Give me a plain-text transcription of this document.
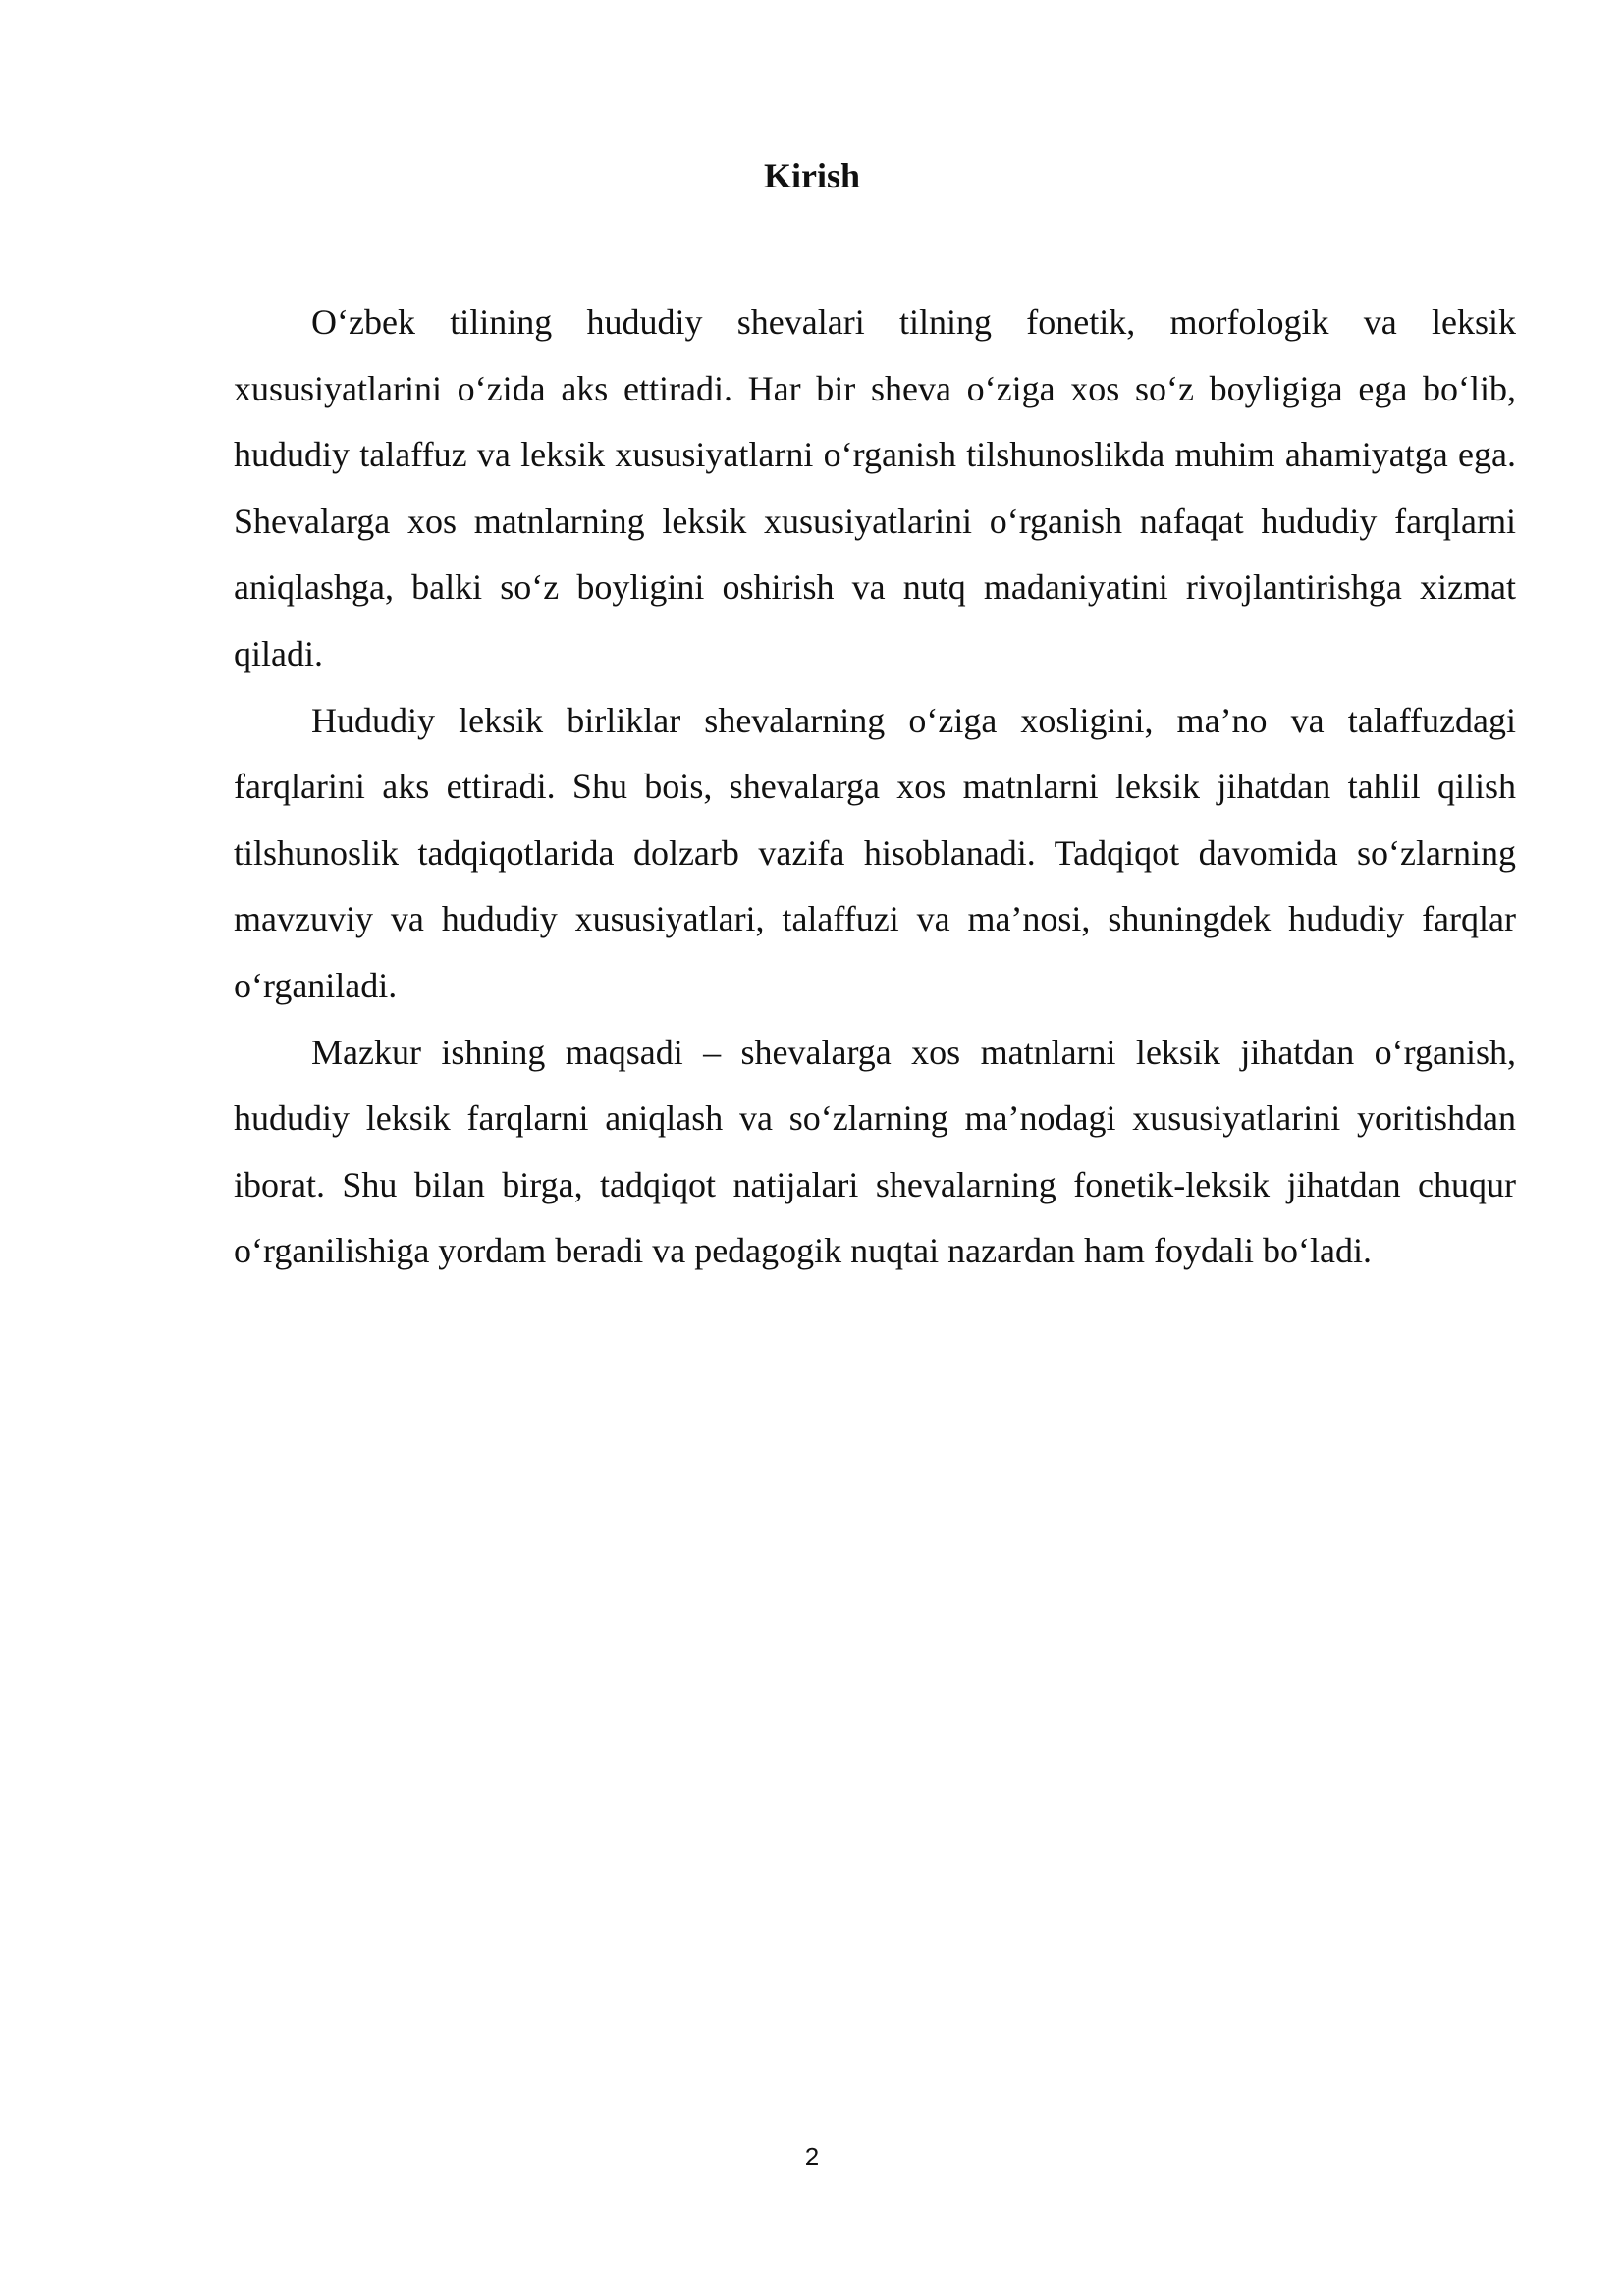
Kirish

O‘zbek tilining hududiy shevalari tilning fonetik, morfologik va leksik xususiyatlarini o‘zida aks ettiradi. Har bir sheva o‘ziga xos so‘z boyligiga ega bo‘lib, hududiy talaffuz va leksik xususiyatlarni o‘rganish tilshunoslikda muhim ahamiyatga ega. Shevalarga xos matnlarning leksik xususiyatlarini o‘rganish nafaqat hududiy farqlarni aniqlashga, balki so‘z boyligini oshirish va nutq madaniyatini rivojlantirishga xizmat qiladi.

Hududiy leksik birliklar shevalarning o‘ziga xosligini, ma’no va talaffuzdagi farqlarini aks ettiradi. Shu bois, shevalarga xos matnlarni leksik jihatdan tahlil qilish tilshunoslik tadqiqotlarida dolzarb vazifa hisoblanadi. Tadqiqot davomida so‘zlarning mavzuviy va hududiy xususiyatlari, talaffuzi va ma’nosi, shuningdek hududiy farqlar o‘rganiladi.

Mazkur ishning maqsadi – shevalarga xos matnlarni leksik jihatdan o‘rganish, hududiy leksik farqlarni aniqlash va so‘zlarning ma’nodagi xususiyatlarini yoritishdan iborat. Shu bilan birga, tadqiqot natijalari shevalarning fonetik-leksik jihatdan chuqur o‘rganilishiga yordam beradi va pedagogik nuqtai nazardan ham foydali bo‘ladi.

2
